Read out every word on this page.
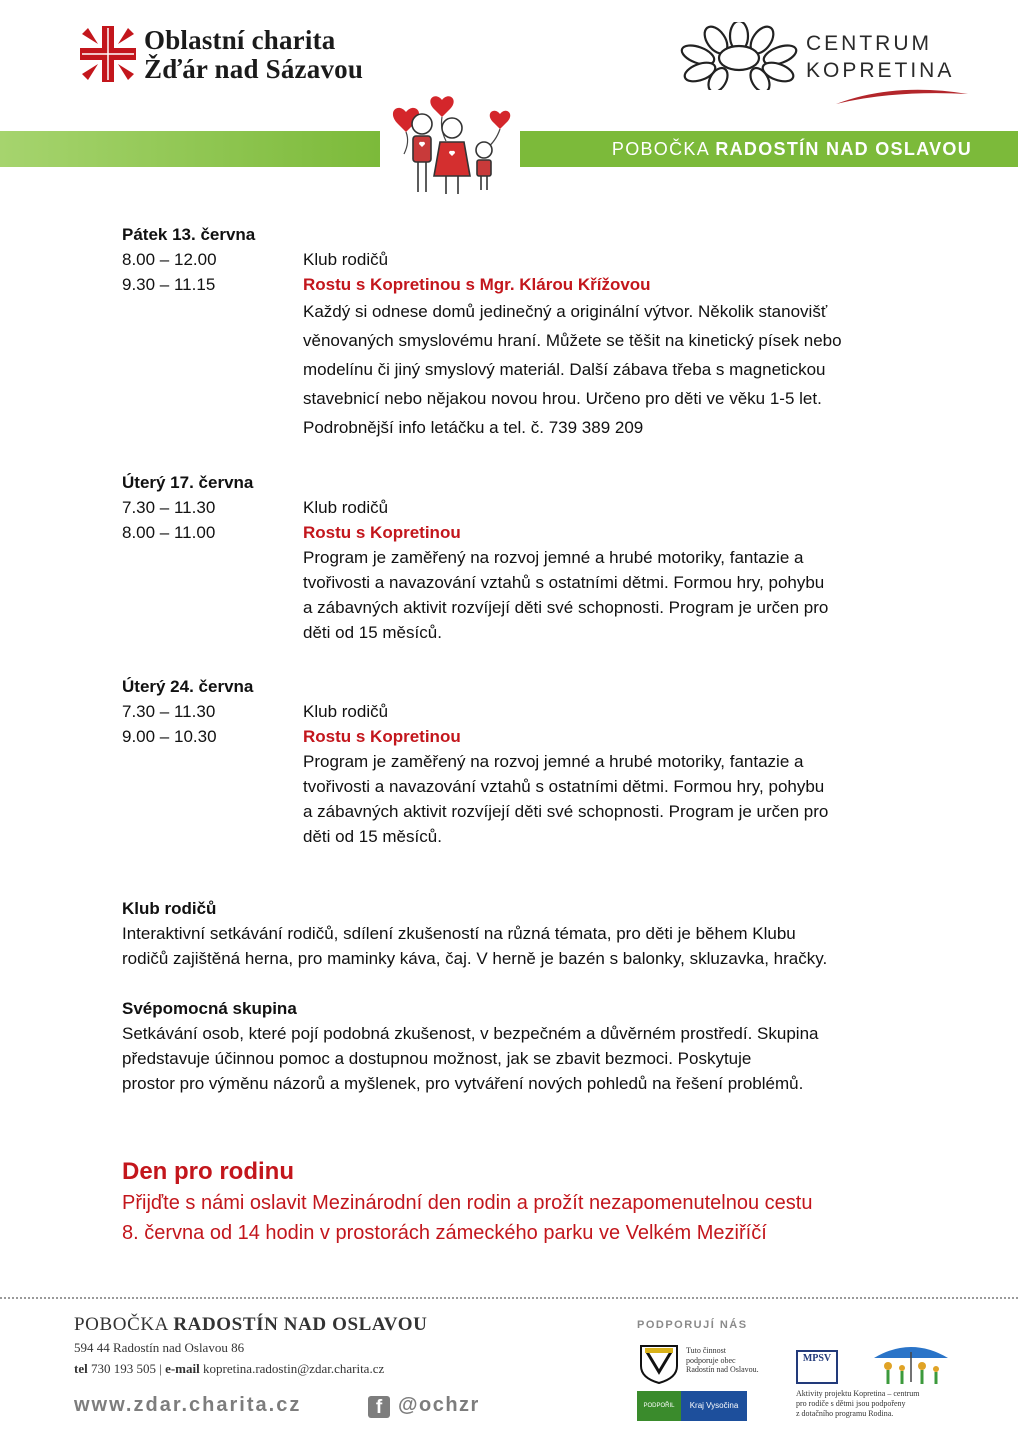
Oblastní charita
Žďár nad Sázavou
CENTRUM
KOPRETINA
POBOČKA RADOSTÍN NAD OSLAVOU
Pátek 13. června
8.00 – 12.00	Klub rodičů
9.30 – 11.15	Rostu s Kopretinou s Mgr. Klárou Křížovou
Každý si odnese domů jedinečný a originální výtvor. Několik stanovišť
věnovaných smyslovému hraní. Můžete se těšit na kinetický písek nebo
modelínu či jiný smyslový materiál. Další zábava třeba s magnetickou
stavebnicí nebo nějakou novou hrou. Určeno pro děti ve věku 1-5 let.
Podrobnější info letáčku a tel. č. 739 389 209
Úterý 17. června
7.30 – 11.30	Klub rodičů
8.00 – 11.00	Rostu s Kopretinou
Program je zaměřený na rozvoj jemné a hrubé motoriky, fantazie a
tvořivosti a navazování vztahů s ostatními dětmi. Formou hry, pohybu
a zábavných aktivit rozvíjejí děti své schopnosti. Program je určen pro
děti od 15 měsíců.
Úterý 24. června
7.30 – 11.30	Klub rodičů
9.00 – 10.30	Rostu s Kopretinou
Program je zaměřený na rozvoj jemné a hrubé motoriky, fantazie a
tvořivosti a navazování vztahů s ostatními dětmi. Formou hry, pohybu
a zábavných aktivit rozvíjejí děti své schopnosti. Program je určen pro
děti od 15 měsíců.
Klub rodičů
Interaktivní setkávání rodičů, sdílení zkušeností na různá témata, pro děti je během Klubu
rodičů zajištěná herna, pro maminky káva, čaj. V herně je bazén s balonky, skluzavka, hračky.
Svépomocná skupina
Setkávání osob, které pojí podobná zkušenost, v bezpečném a důvěrném prostředí. Skupina
představuje účinnou pomoc a dostupnou možnost, jak se zbavit bezmoci. Poskytuje
prostor pro výměnu názorů a myšlenek, pro vytváření nových pohledů na řešení problémů.
Den pro rodinu
Přijďte s námi oslavit Mezinárodní den rodin a prožít nezapomenutelnou cestu
8. června od 14 hodin v prostorách zámeckého parku ve Velkém Meziříčí
POBOČKA RADOSTÍN NAD OSLAVOU
594 44 Radostín nad Oslavou 86
tel 730 193 505 | e-mail kopretina.radostin@zdar.charita.cz
www.zdar.charita.cz	f @ochzr
PODPORUJÍ NÁS
Tuto činnost
podporuje obec
Radostín nad Oslavou.
MPSV
PODPOŘIL	Kraj Vysočina
Aktivity projektu Kopretina – centrum
pro rodiče s dětmi jsou podpořeny
z dotačního programu Rodina.
